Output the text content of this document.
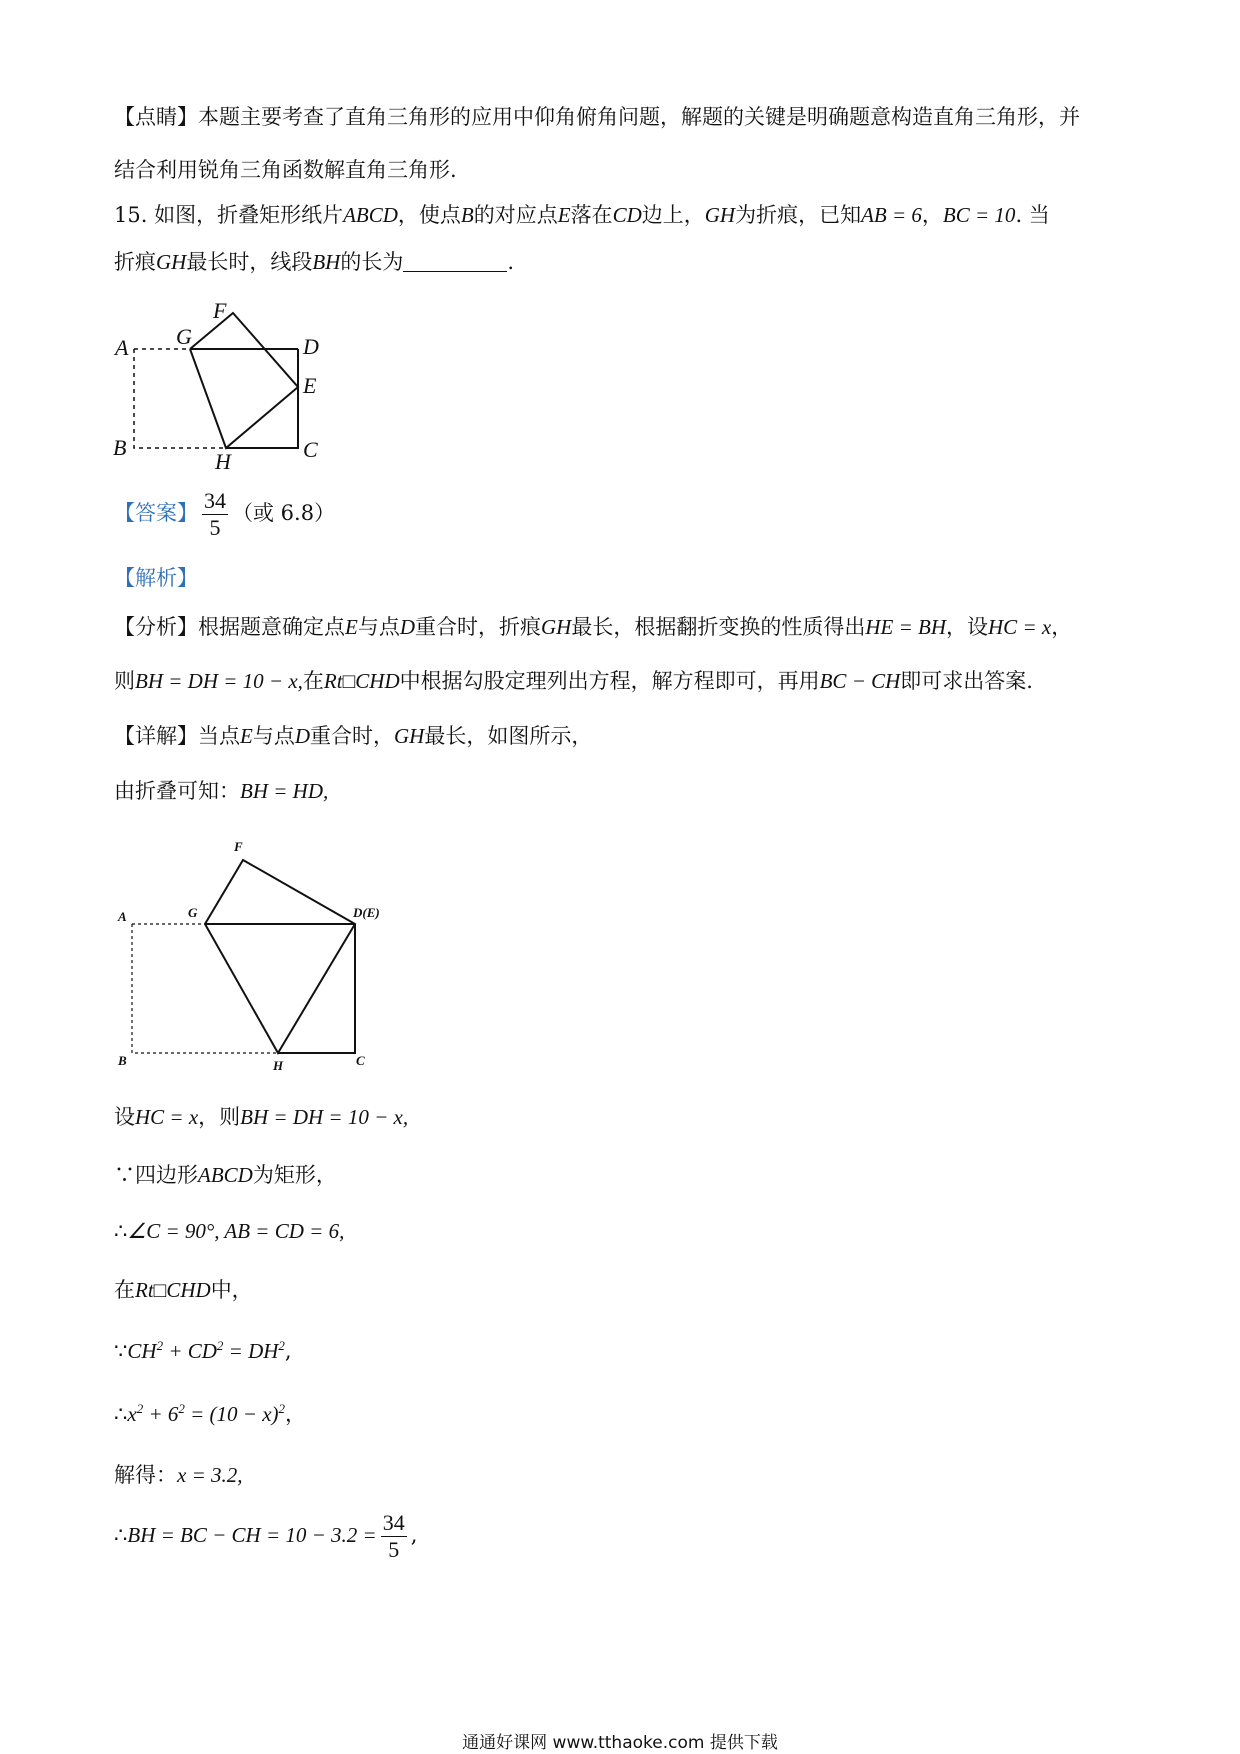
【点睛】本题主要考查了直角三角形的应用中仰角俯角问题，解题的关键是明确题意构造直角三角形，并
结合利用锐角三角函数解直角三角形.
15. 如图，折叠矩形纸片ABCD，使点B的对应点E落在CD边上，GH为折痕，已知AB = 6，BC = 10. 当
折痕GH最长时，线段BH的长为	.
F
G
A	D
E
B
H	C
【答案】 $\frac{34}{5}$ （或 6.8）
【解析】
【分析】根据题意确定点E与点D重合时，折痕GH最长，根据翻折变换的性质得出HE = BH，设HC = x，
则BH = DH = 10 − x,在Rt□CHD中根据勾股定理列出方程，解方程即可，再用BC − CH即可求出答案.
【详解】当点E与点D重合时，GH最长，如图所示，
由折叠可知：BH = HD,
F
G
A	D(E)
B	H	C
设HC = x，则BH = DH = 10 − x,
∵四边形ABCD为矩形，
∴∠C = 90°, AB = CD = 6,
在Rt□CHD中，
$\because CH^2 + CD^2 = DH^2$,
$\therefore x^2 + 6^2 = (10 - x)^2$，
解得：x = 3.2,
∴BH = BC − CH = $10 - 3.2 = \frac{34}{5}$ ,
通通好课网 www.tthaoke.com 提供下载
